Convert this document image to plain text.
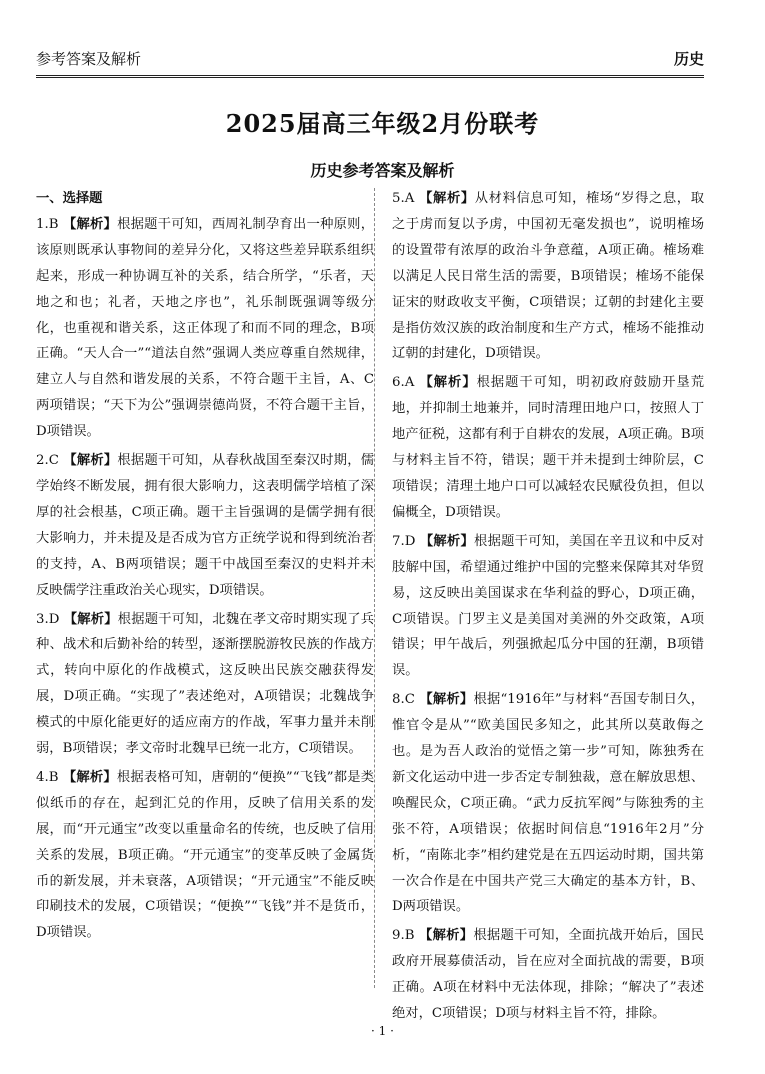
参考答案及解析	历史
2025届高三年级2月份联考
历史参考答案及解析
一、选择题
1.B 【解析】根据题干可知，西周礼制孕育出一种原则，该原则既承认事物间的差异分化，又将这些差异联系组织起来，形成一种协调互补的关系，结合所学，“乐者，天地之和也；礼者，天地之序也”，礼乐制既强调等级分化，也重视和谐关系，这正体现了和而不同的理念，B项正确。“天人合一”“道法自然”强调人类应尊重自然规律，建立人与自然和谐发展的关系，不符合题干主旨，A、C两项错误；“天下为公”强调崇德尚贤，不符合题干主旨，D项错误。
2.C 【解析】根据题干可知，从春秋战国至秦汉时期，儒学始终不断发展，拥有很大影响力，这表明儒学培植了深厚的社会根基，C项正确。题干主旨强调的是儒学拥有很大影响力，并未提及是否成为官方正统学说和得到统治者的支持，A、B两项错误；题干中战国至秦汉的史料并未反映儒学注重政治关心现实，D项错误。
3.D 【解析】根据题干可知，北魏在孝文帝时期实现了兵种、战术和后勤补给的转型，逐渐摆脱游牧民族的作战方式，转向中原化的作战模式，这反映出民族交融获得发展，D项正确。“实现了”表述绝对，A项错误；北魏战争模式的中原化能更好的适应南方的作战，军事力量并未削弱，B项错误；孝文帝时北魏早已统一北方，C项错误。
4.B 【解析】根据表格可知，唐朝的“便换”“飞钱”都是类似纸币的存在，起到汇兑的作用，反映了信用关系的发展，而“开元通宝”改变以重量命名的传统，也反映了信用关系的发展，B项正确。“开元通宝”的变革反映了金属货币的新发展，并未衰落，A项错误；“开元通宝”不能反映印刷技术的发展，C项错误；“便换”“飞钱”并不是货币，D项错误。
5.A 【解析】从材料信息可知，榷场“岁得之息，取之于虏而复以予虏，中国初无毫发损也”，说明榷场的设置带有浓厚的政治斗争意蕴，A项正确。榷场难以满足人民日常生活的需要，B项错误；榷场不能保证宋的财政收支平衡，C项错误；辽朝的封建化主要是指仿效汉族的政治制度和生产方式，榷场不能推动辽朝的封建化，D项错误。
6.A 【解析】根据题干可知，明初政府鼓励开垦荒地，并抑制土地兼并，同时清理田地户口，按照人丁地产征税，这都有利于自耕农的发展，A项正确。B项与材料主旨不符，错误；题干并未提到士绅阶层，C项错误；清理土地户口可以减轻农民赋役负担，但以偏概全，D项错误。
7.D 【解析】根据题干可知，美国在辛丑议和中反对肢解中国，希望通过维护中国的完整来保障其对华贸易，这反映出美国谋求在华利益的野心，D项正确，C项错误。门罗主义是美国对美洲的外交政策，A项错误；甲午战后，列强掀起瓜分中国的狂潮，B项错误。
8.C 【解析】根据“1916年”与材料“吾国专制日久，惟官令是从”“欧美国民多知之，此其所以莫敢侮之也。是为吾人政治的觉悟之第一步”可知，陈独秀在新文化运动中进一步否定专制独裁，意在解放思想、唤醒民众，C项正确。“武力反抗军阀”与陈独秀的主张不符，A项错误；依据时间信息“1916年2月”分析，“南陈北李”相约建党是在五四运动时期，国共第一次合作是在中国共产党三大确定的基本方针，B、D两项错误。
9.B 【解析】根据题干可知，全面抗战开始后，国民政府开展募债活动，旨在应对全面抗战的需要，B项正确。A项在材料中无法体现，排除；“解决了”表述绝对，C项错误；D项与材料主旨不符，排除。
· 1 ·
